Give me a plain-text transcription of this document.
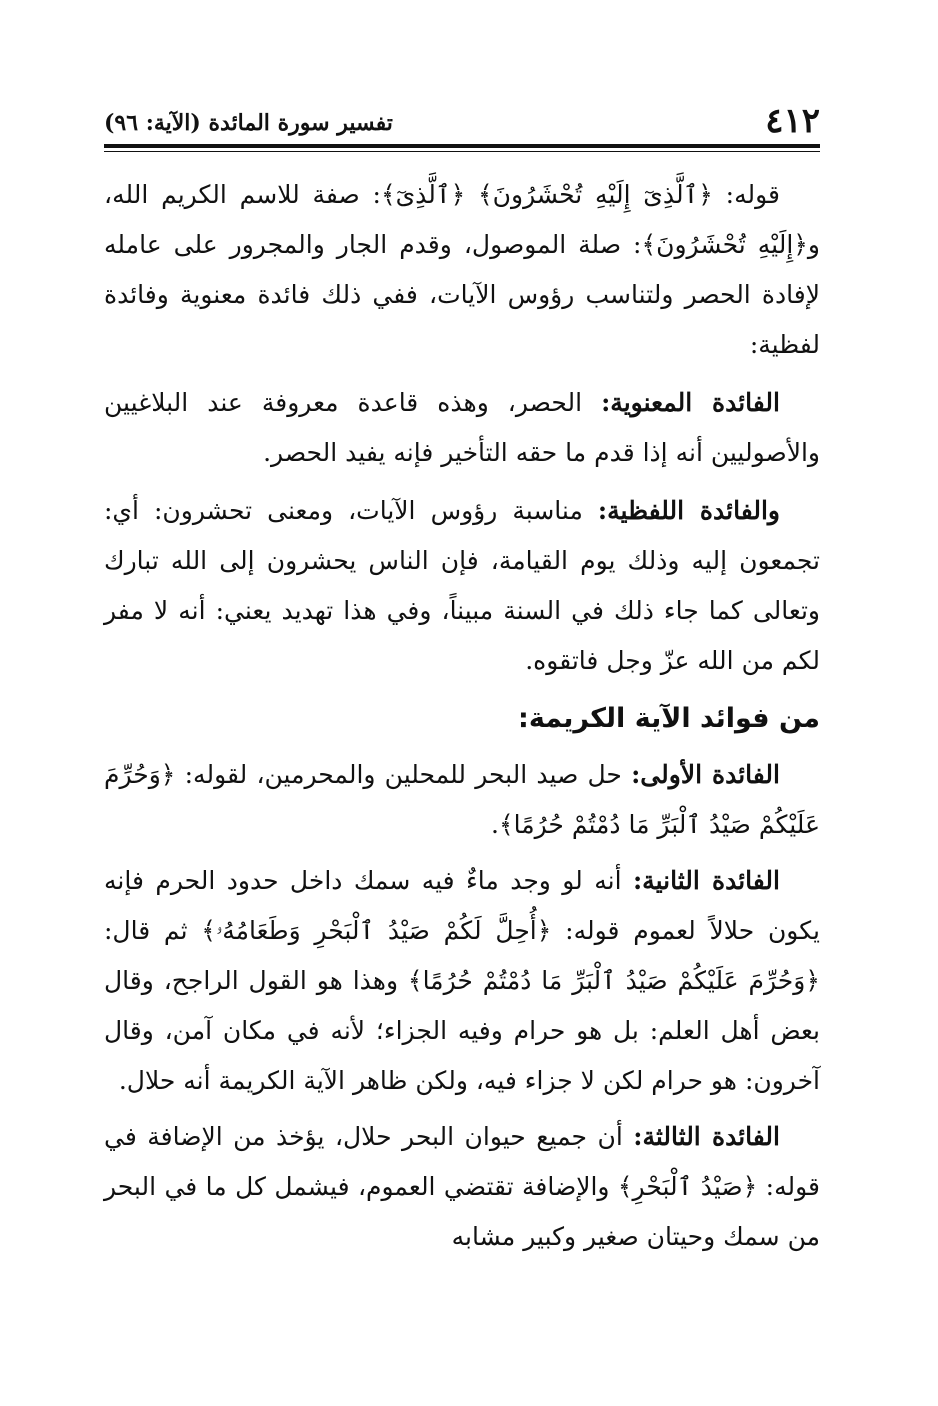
٤١٢
تفسير سورة المائدة (الآية: ٩٦)

قوله: ﴿ٱلَّذِىٓ إِلَيْهِ تُحْشَرُونَ﴾ ﴿ٱلَّذِىٓ﴾: صفة للاسم الكريم الله، و﴿إِلَيْهِ تُحْشَرُونَ﴾: صلة الموصول، وقدم الجار والمجرور على عامله لإفادة الحصر ولتناسب رؤوس الآيات، ففي ذلك فائدة معنوية وفائدة لفظية:

الفائدة المعنوية: الحصر، وهذه قاعدة معروفة عند البلاغيين والأصوليين أنه إذا قدم ما حقه التأخير فإنه يفيد الحصر.

والفائدة اللفظية: مناسبة رؤوس الآيات، ومعنى تحشرون: أي: تجمعون إليه وذلك يوم القيامة، فإن الناس يحشرون إلى الله تبارك وتعالى كما جاء ذلك في السنة مبيناً، وفي هذا تهديد يعني: أنه لا مفر لكم من الله عزّ وجل فاتقوه.

من فوائد الآية الكريمة:

الفائدة الأولى: حل صيد البحر للمحلين والمحرمين، لقوله: ﴿وَحُرِّمَ عَلَيْكُمْ صَيْدُ ٱلْبَرِّ مَا دُمْتُمْ حُرُمًا﴾.

الفائدة الثانية: أنه لو وجد ماءٌ فيه سمك داخل حدود الحرم فإنه يكون حلالاً لعموم قوله: ﴿أُحِلَّ لَكُمْ صَيْدُ ٱلْبَحْرِ وَطَعَامُهُۥ﴾ ثم قال: ﴿وَحُرِّمَ عَلَيْكُمْ صَيْدُ ٱلْبَرِّ مَا دُمْتُمْ حُرُمًا﴾ وهذا هو القول الراجح، وقال بعض أهل العلم: بل هو حرام وفيه الجزاء؛ لأنه في مكان آمن، وقال آخرون: هو حرام لكن لا جزاء فيه، ولكن ظاهر الآية الكريمة أنه حلال.

الفائدة الثالثة: أن جميع حيوان البحر حلال، يؤخذ من الإضافة في قوله: ﴿صَيْدُ ٱلْبَحْرِ﴾ والإضافة تقتضي العموم، فيشمل كل ما في البحر من سمك وحيتان صغير وكبير مشابه
